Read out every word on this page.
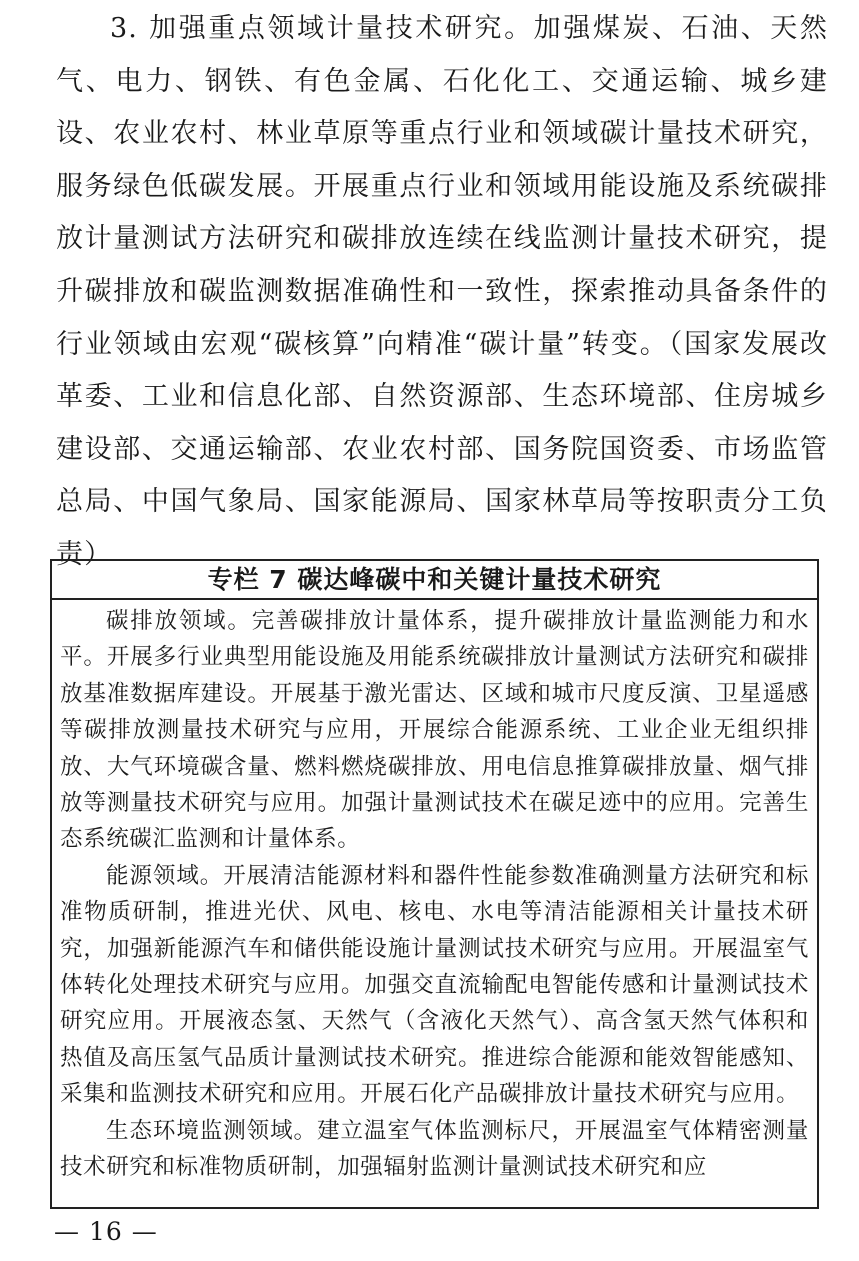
3. 加强重点领域计量技术研究。加强煤炭、石油、天然气、电力、钢铁、有色金属、石化化工、交通运输、城乡建设、农业农村、林业草原等重点行业和领域碳计量技术研究，服务绿色低碳发展。开展重点行业和领域用能设施及系统碳排放计量测试方法研究和碳排放连续在线监测计量技术研究，提升碳排放和碳监测数据准确性和一致性，探索推动具备条件的行业领域由宏观“碳核算”向精准“碳计量”转变。（国家发展改革委、工业和信息化部、自然资源部、生态环境部、住房城乡建设部、交通运输部、农业农村部、国务院国资委、市场监管总局、中国气象局、国家能源局、国家林草局等按职责分工负责）

专栏 7 碳达峰碳中和关键计量技术研究

碳排放领域。完善碳排放计量体系，提升碳排放计量监测能力和水平。开展多行业典型用能设施及用能系统碳排放计量测试方法研究和碳排放基准数据库建设。开展基于激光雷达、区域和城市尺度反演、卫星遥感等碳排放测量技术研究与应用，开展综合能源系统、工业企业无组织排放、大气环境碳含量、燃料燃烧碳排放、用电信息推算碳排放量、烟气排放等测量技术研究与应用。加强计量测试技术在碳足迹中的应用。完善生态系统碳汇监测和计量体系。

能源领域。开展清洁能源材料和器件性能参数准确测量方法研究和标准物质研制，推进光伏、风电、核电、水电等清洁能源相关计量技术研究，加强新能源汽车和储供能设施计量测试技术研究与应用。开展温室气体转化处理技术研究与应用。加强交直流输配电智能传感和计量测试技术研究应用。开展液态氢、天然气（含液化天然气）、高含氢天然气体积和热值及高压氢气品质计量测试技术研究。推进综合能源和能效智能感知、采集和监测技术研究和应用。开展石化产品碳排放计量技术研究与应用。

生态环境监测领域。建立温室气体监测标尺，开展温室气体精密测量技术研究和标准物质研制，加强辐射监测计量测试技术研究和应

— 16 —
